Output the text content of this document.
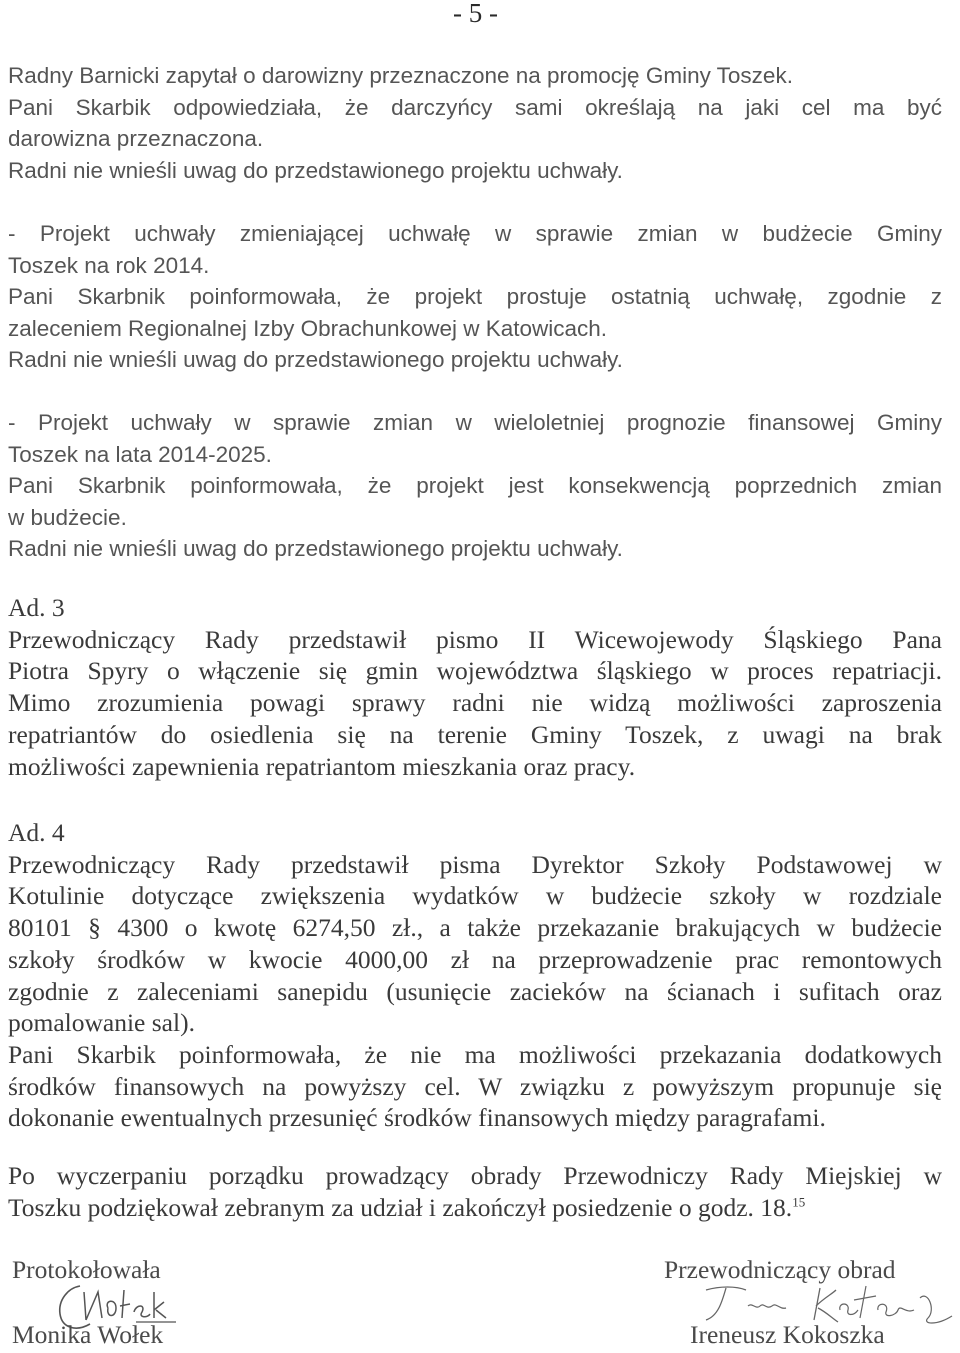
- 5 -
Radny Barnicki zapytał o darowizny przeznaczone na promocję Gminy Toszek.
Pani Skarbik odpowiedziała, że darczyńcy sami określają na jaki cel ma być
darowizna przeznaczona.
Radni nie wnieśli uwag do przedstawionego projektu uchwały.
- Projekt uchwały zmieniającej uchwałę w sprawie zmian w budżecie Gminy
Toszek na rok 2014.
Pani Skarbnik poinformowała, że projekt prostuje ostatnią uchwałę, zgodnie z
zaleceniem Regionalnej Izby Obrachunkowej w Katowicach.
Radni nie wnieśli uwag do przedstawionego projektu uchwały.
- Projekt uchwały w sprawie zmian w wieloletniej prognozie finansowej Gminy
Toszek na lata 2014-2025.
Pani Skarbnik poinformowała, że projekt jest konsekwencją poprzednich zmian
w budżecie.
Radni nie wnieśli uwag do przedstawionego projektu uchwały.
Ad. 3
Przewodniczący Rady przedstawił pismo II Wicewojewody Śląskiego Pana
Piotra Spyry o włączenie się gmin województwa śląskiego w proces repatriacji.
Mimo zrozumienia powagi sprawy radni nie widzą możliwości zaproszenia
repatriantów do osiedlenia się na terenie Gminy Toszek, z uwagi na brak
możliwości zapewnienia repatriantom mieszkania oraz pracy.
Ad. 4
Przewodniczący Rady przedstawił pisma Dyrektor Szkoły Podstawowej w
Kotulinie dotyczące zwiększenia wydatków w budżecie szkoły w rozdziale
80101 § 4300 o kwotę 6274,50 zł., a także przekazanie brakujących w budżecie
szkoły środków w kwocie 4000,00 zł na przeprowadzenie prac remontowych
zgodnie z zaleceniami sanepidu (usunięcie zacieków na ścianach i sufitach oraz
pomalowanie sal).
Pani Skarbik poinformowała, że nie ma możliwości przekazania dodatkowych
środków finansowych na powyższy cel. W związku z powyższym propunuje się
dokonanie ewentualnych przesunięć środków finansowych między paragrafami.
Po wyczerpaniu porządku prowadzący obrady Przewodniczy Rady Miejskiej w
Toszku podziękował zebranym za udział i zakończył posiedzenie o godz. 18.15
Protokołowała
Monika Wołek
Przewodniczący obrad
Ireneusz Kokoszka
